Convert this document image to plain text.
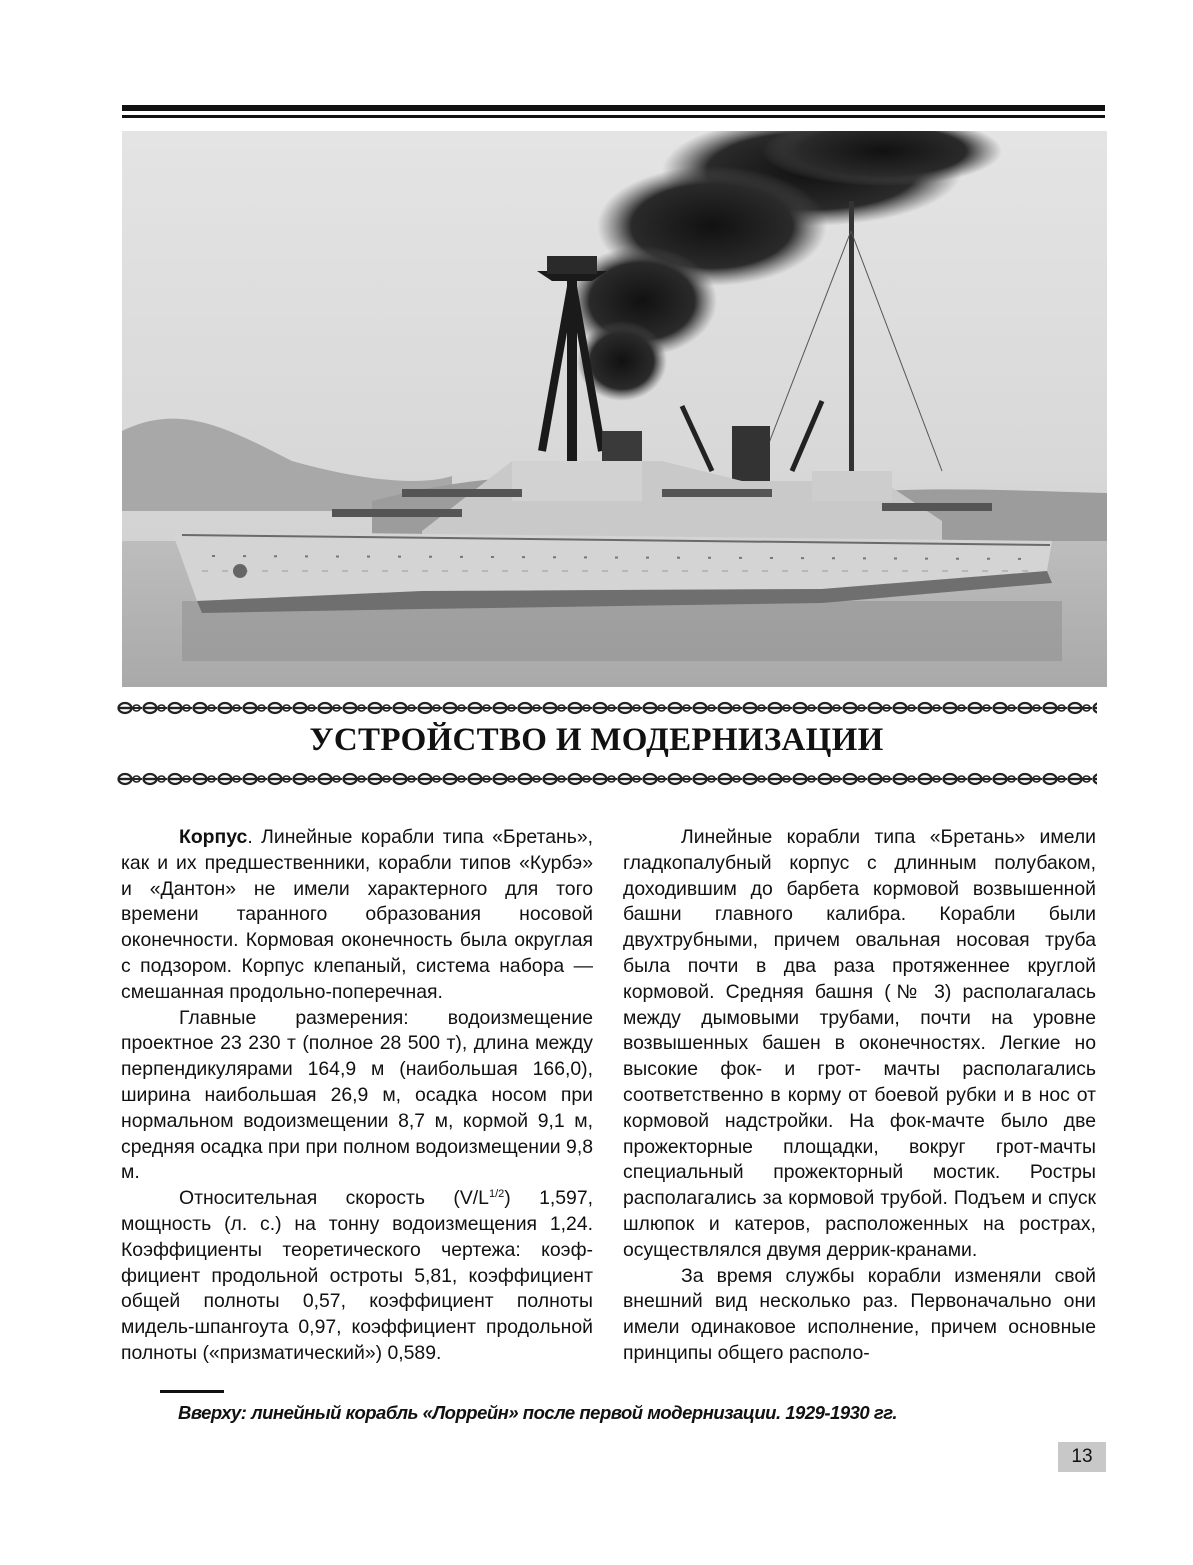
УСТРОЙСТВО И МОДЕРНИЗАЦИИ

Корпус. Линейные корабли типа «Бретань», как и их предшественники, корабли типов «Курбэ» и «Дантон» не имели характерного для того времени таранного образования носовой оконечности. Кормовая оконечность была округлая с подзором. Корпус клепаный, система набора — смешанная продольно-поперечная.

Главные размерения: водоизмещение проектное 23 230 т (полное 28 500 т), длина между перпендикулярами 164,9 м (наибольшая 166,0), ширина наибольшая 26,9 м, осадка носом при нормальном водоизмещении 8,7 м, кормой 9,1 м, средняя осадка при при полном водоизмещении 9,8 м.

Относительная скорость $(V/L^{1/2})$ 1,597, мощность (л. с.) на тонну водоизмещения 1,24. Коэффициенты теоретического чертежа: коэффициент продольной остроты 5,81, коэффициент общей полноты 0,57, коэффициент полноты мидель-шпангоута 0,97, коэффициент продольной полноты («призматический») 0,589.

Линейные корабли типа «Бретань» имели гладкопалубный корпус с длинным полубаком, доходившим до барбета кормовой возвышенной башни главного калибра. Корабли были двухтрубными, причем овальная носовая труба была почти в два раза протяженнее круглой кормовой. Средняя башня (№ 3) располагалась между дымовыми трубами, почти на уровне возвышенных башен в оконечностях. Легкие но высокие фок- и грот- мачты располагались соответственно в корму от боевой рубки и в нос от кормовой надстройки. На фок-мачте было две прожекторные площадки, вокруг грот-мачты специальный прожекторный мостик. Ростры располагались за кормовой трубой. Подъем и спуск шлюпок и катеров, расположенных на рострах, осуществлялся двумя деррик-кранами.

За время службы корабли изменяли свой внешний вид несколько раз. Первоначально они имели одинаковое исполнение, причем основные принципы общего располо-

Вверху: линейный корабль «Лоррейн» после первой модернизации. 1929-1930 гг.

13
